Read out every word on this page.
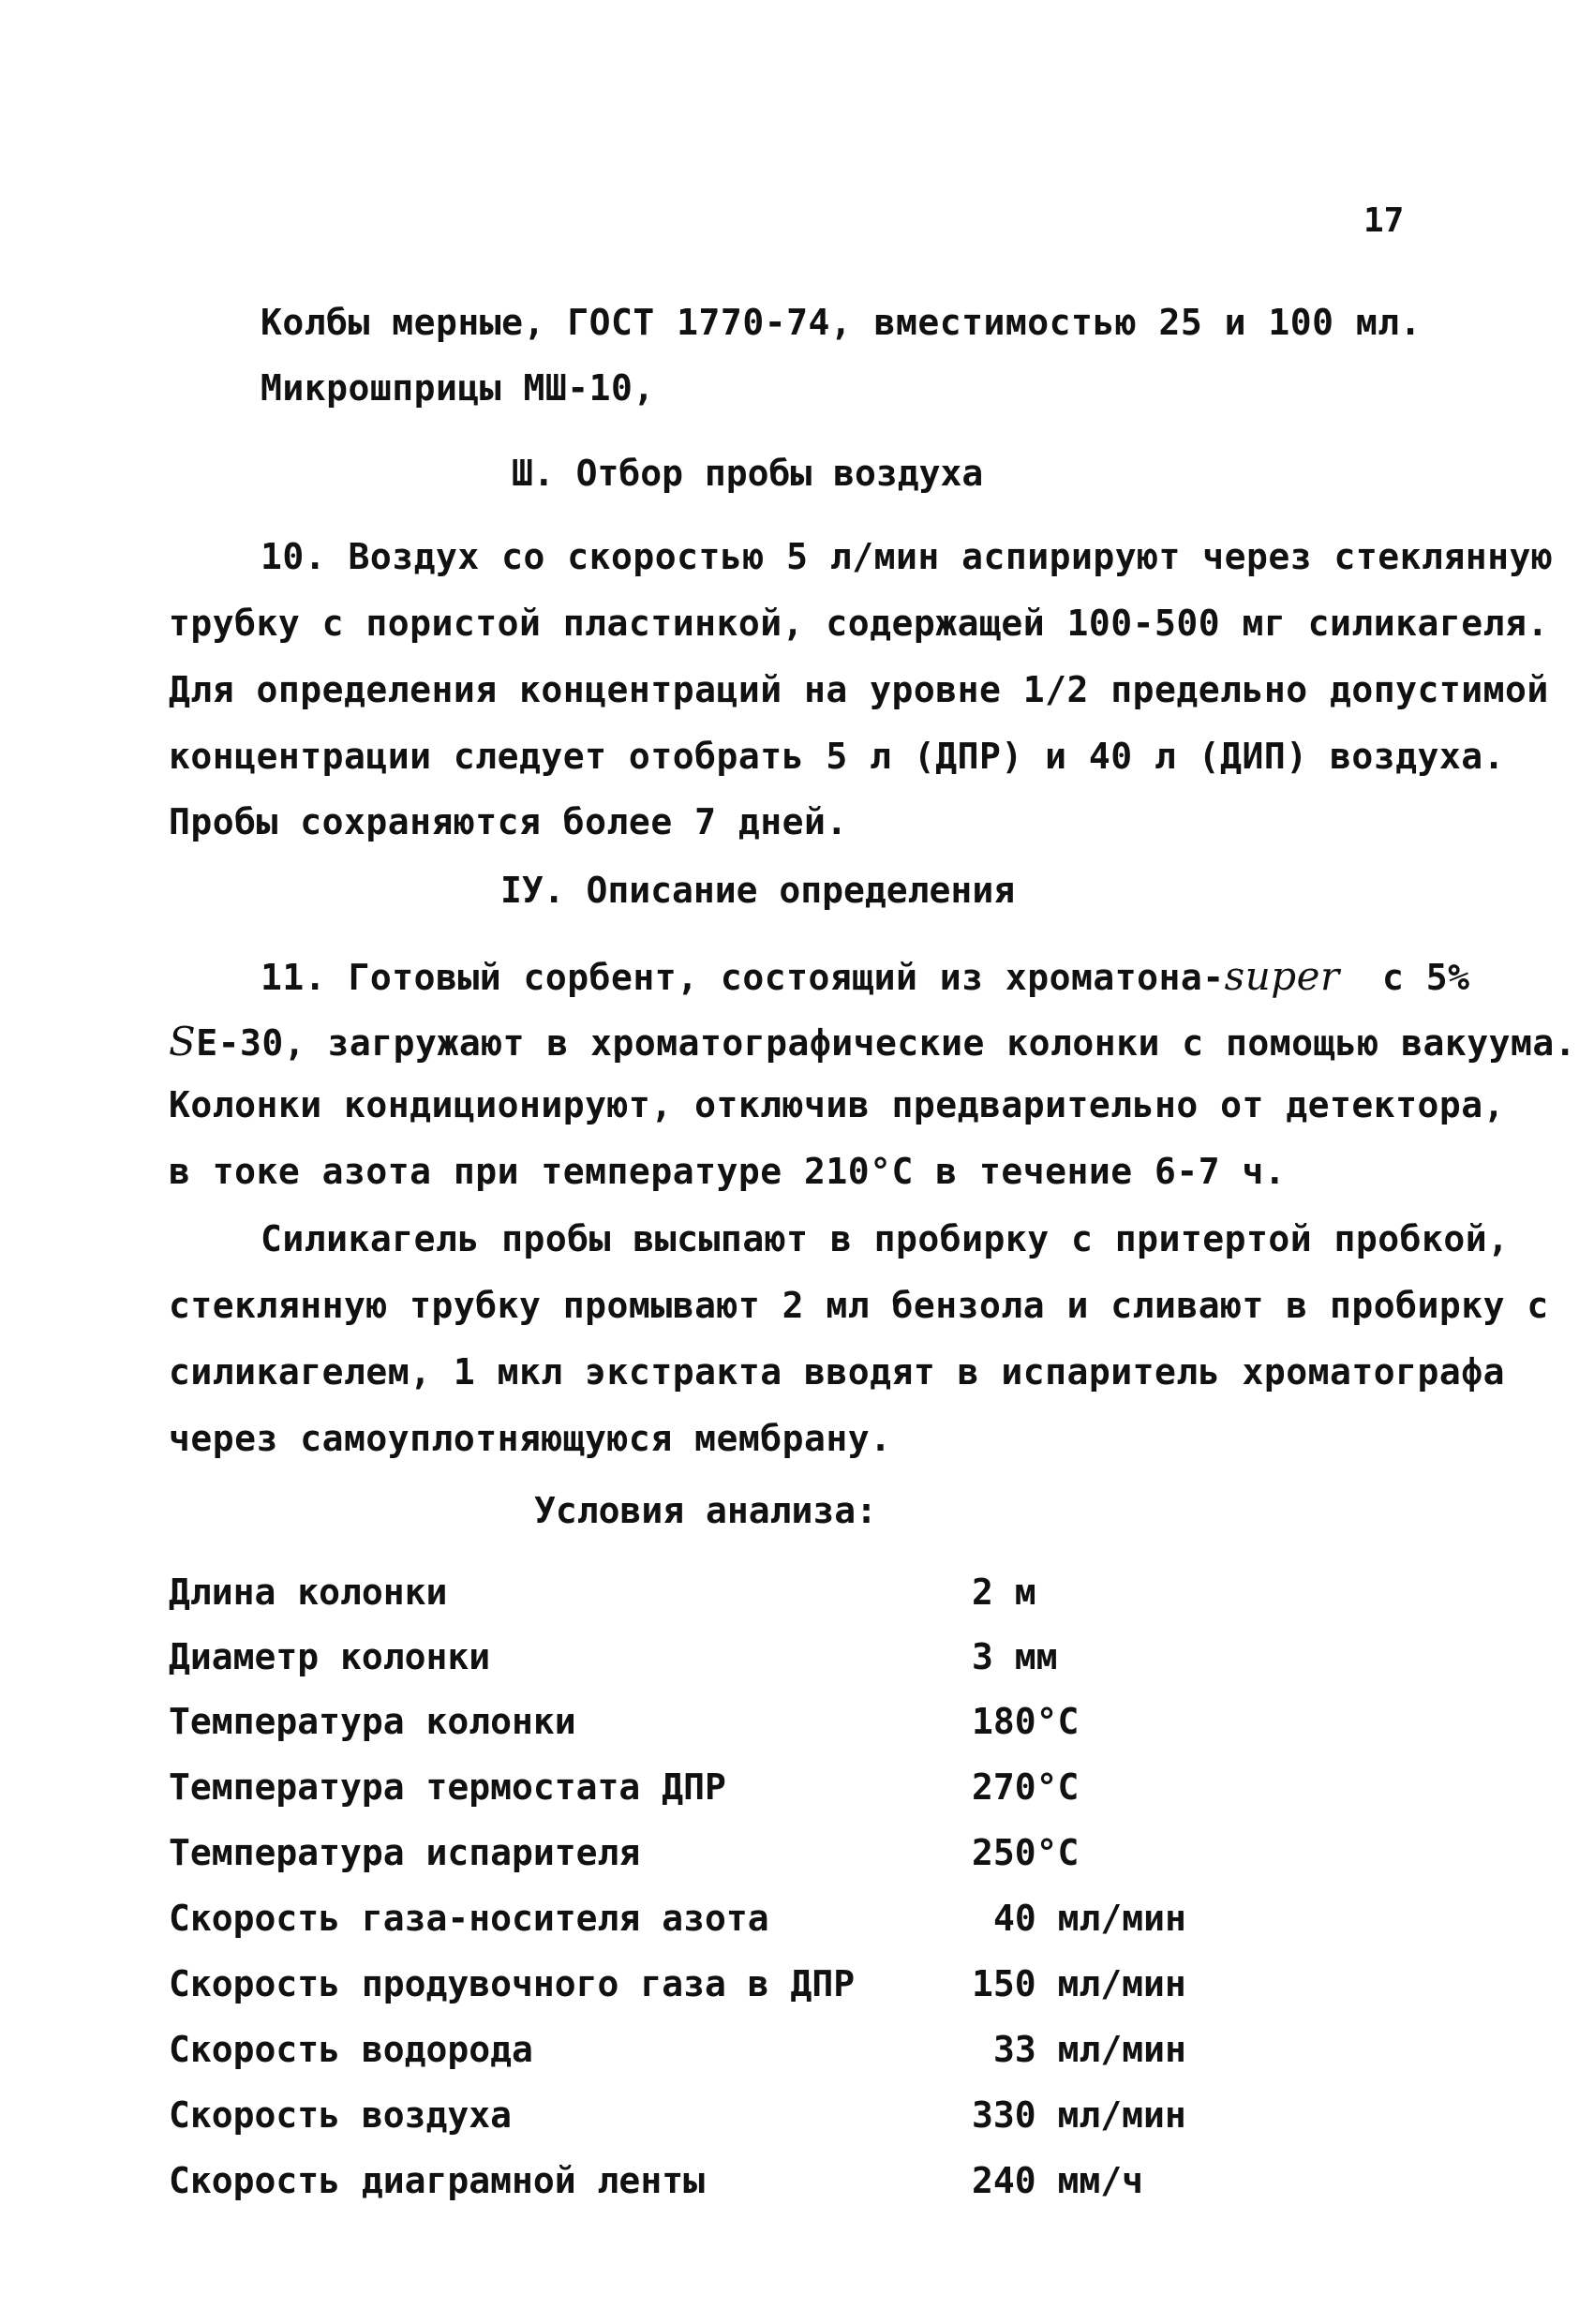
17
Колбы мерные, ГОСТ 1770-74, вместимостью 25 и 100 мл.
Микрошприцы МШ-10,
Ш. Отбор пробы воздуха
10. Воздух со скоростью 5 л/мин аспирируют через стеклянную
трубку с пористой пластинкой, содержащей 100-500 мг силикагеля.
Для определения концентраций на уровне 1/2 предельно допустимой
концентрации следует отобрать 5 л (ДПР) и 40 л (ДИП) воздуха.
Пробы сохраняются более 7 дней.
IУ. Описание определения
11. Готовый сорбент, состоящий из хроматона-super с 5%
SЕ-30, загружают в хроматографические колонки с помощью вакуума.
Колонки кондиционируют, отключив предварительно от детектора,
в токе азота при температуре 210°С в течение 6-7 ч.
Силикагель пробы высыпают в пробирку с притертой пробкой,
стеклянную трубку промывают 2 мл бензола и сливают в пробирку с
силикагелем, 1 мкл экстракта вводят в испаритель хроматографа
через самоуплотняющуюся мембрану.
Условия анализа:
Длина колонки	2 м
Диаметр колонки	3 мм
Температура колонки	180°С
Температура термостата ДПР	270°С
Температура испарителя	250°С
Скорость газа-носителя азота	40 мл/мин
Скорость продувочного газа в ДПР	150 мл/мин
Скорость водорода	33 мл/мин
Скорость воздуха	330 мл/мин
Скорость диаграмной ленты	240 мм/ч
